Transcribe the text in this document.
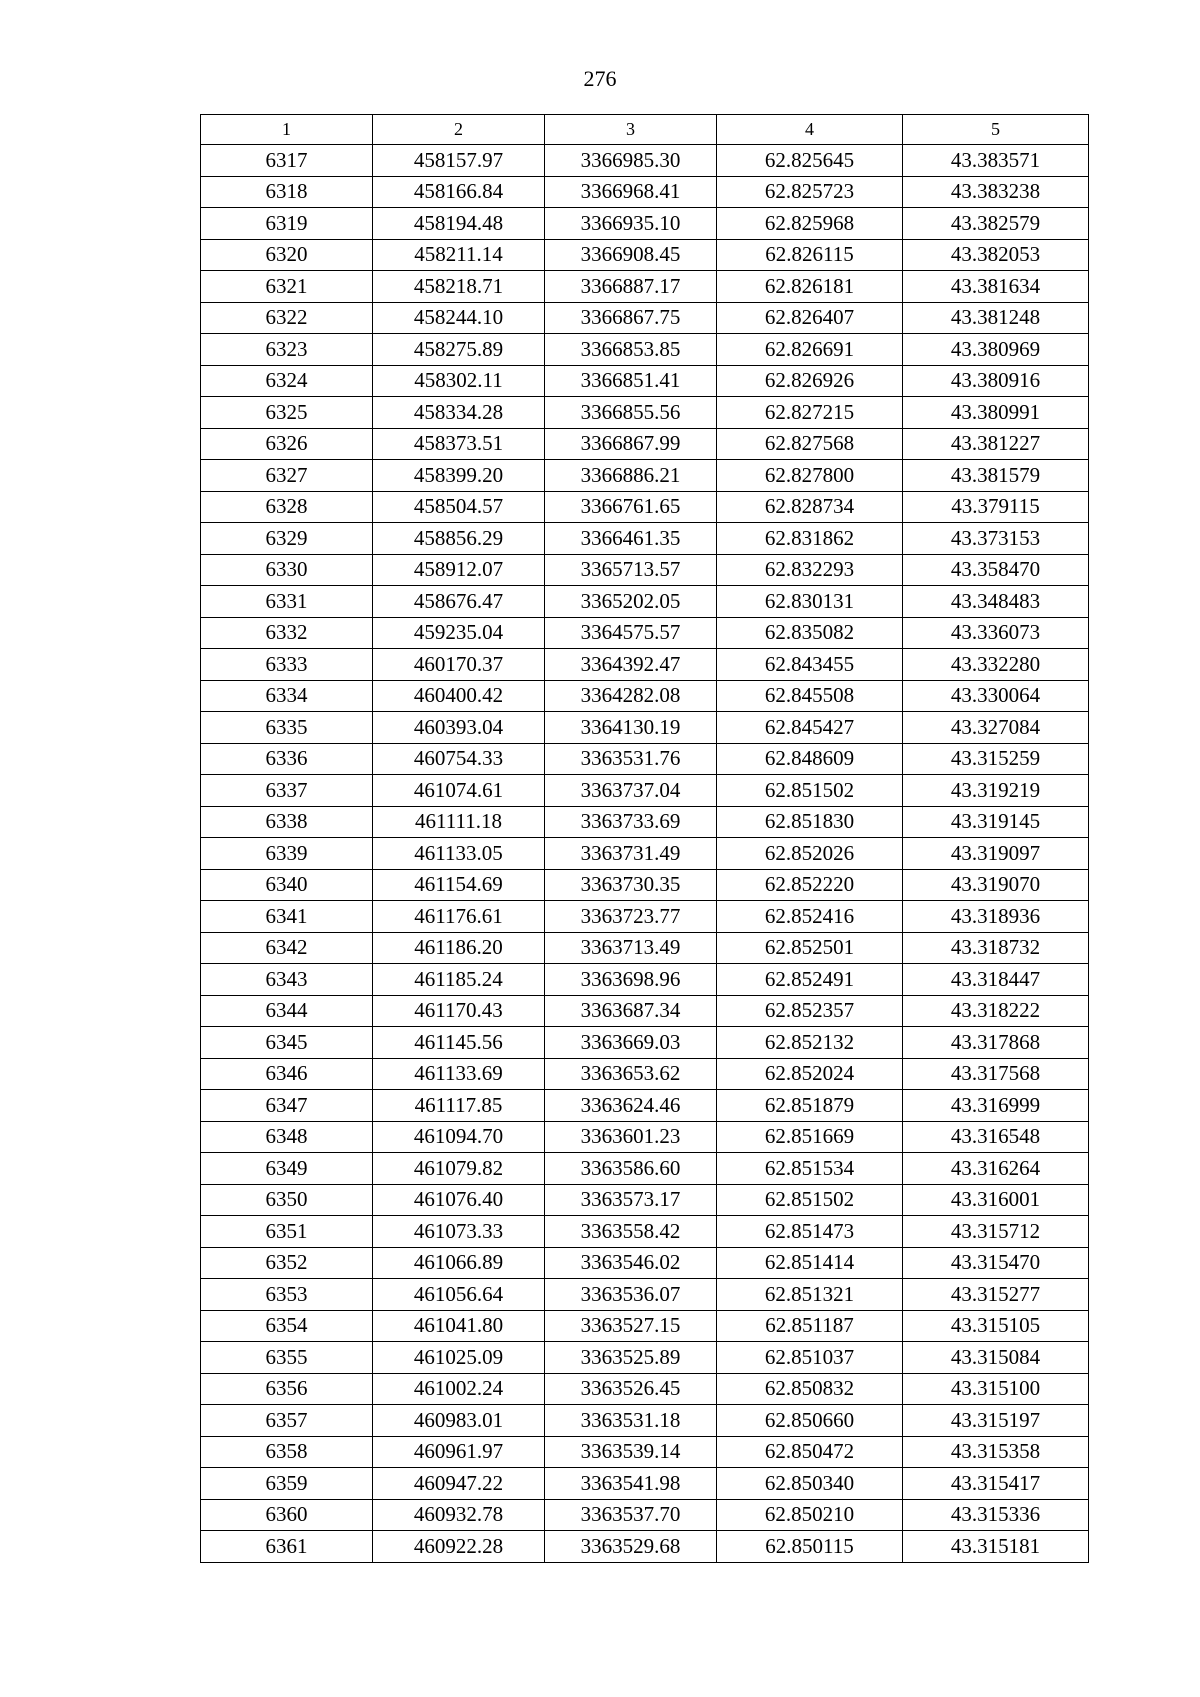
276
1	2	3	4	5
6317	458157.97	3366985.30	62.825645	43.383571
6318	458166.84	3366968.41	62.825723	43.383238
6319	458194.48	3366935.10	62.825968	43.382579
6320	458211.14	3366908.45	62.826115	43.382053
6321	458218.71	3366887.17	62.826181	43.381634
6322	458244.10	3366867.75	62.826407	43.381248
6323	458275.89	3366853.85	62.826691	43.380969
6324	458302.11	3366851.41	62.826926	43.380916
6325	458334.28	3366855.56	62.827215	43.380991
6326	458373.51	3366867.99	62.827568	43.381227
6327	458399.20	3366886.21	62.827800	43.381579
6328	458504.57	3366761.65	62.828734	43.379115
6329	458856.29	3366461.35	62.831862	43.373153
6330	458912.07	3365713.57	62.832293	43.358470
6331	458676.47	3365202.05	62.830131	43.348483
6332	459235.04	3364575.57	62.835082	43.336073
6333	460170.37	3364392.47	62.843455	43.332280
6334	460400.42	3364282.08	62.845508	43.330064
6335	460393.04	3364130.19	62.845427	43.327084
6336	460754.33	3363531.76	62.848609	43.315259
6337	461074.61	3363737.04	62.851502	43.319219
6338	461111.18	3363733.69	62.851830	43.319145
6339	461133.05	3363731.49	62.852026	43.319097
6340	461154.69	3363730.35	62.852220	43.319070
6341	461176.61	3363723.77	62.852416	43.318936
6342	461186.20	3363713.49	62.852501	43.318732
6343	461185.24	3363698.96	62.852491	43.318447
6344	461170.43	3363687.34	62.852357	43.318222
6345	461145.56	3363669.03	62.852132	43.317868
6346	461133.69	3363653.62	62.852024	43.317568
6347	461117.85	3363624.46	62.851879	43.316999
6348	461094.70	3363601.23	62.851669	43.316548
6349	461079.82	3363586.60	62.851534	43.316264
6350	461076.40	3363573.17	62.851502	43.316001
6351	461073.33	3363558.42	62.851473	43.315712
6352	461066.89	3363546.02	62.851414	43.315470
6353	461056.64	3363536.07	62.851321	43.315277
6354	461041.80	3363527.15	62.851187	43.315105
6355	461025.09	3363525.89	62.851037	43.315084
6356	461002.24	3363526.45	62.850832	43.315100
6357	460983.01	3363531.18	62.850660	43.315197
6358	460961.97	3363539.14	62.850472	43.315358
6359	460947.22	3363541.98	62.850340	43.315417
6360	460932.78	3363537.70	62.850210	43.315336
6361	460922.28	3363529.68	62.850115	43.315181
